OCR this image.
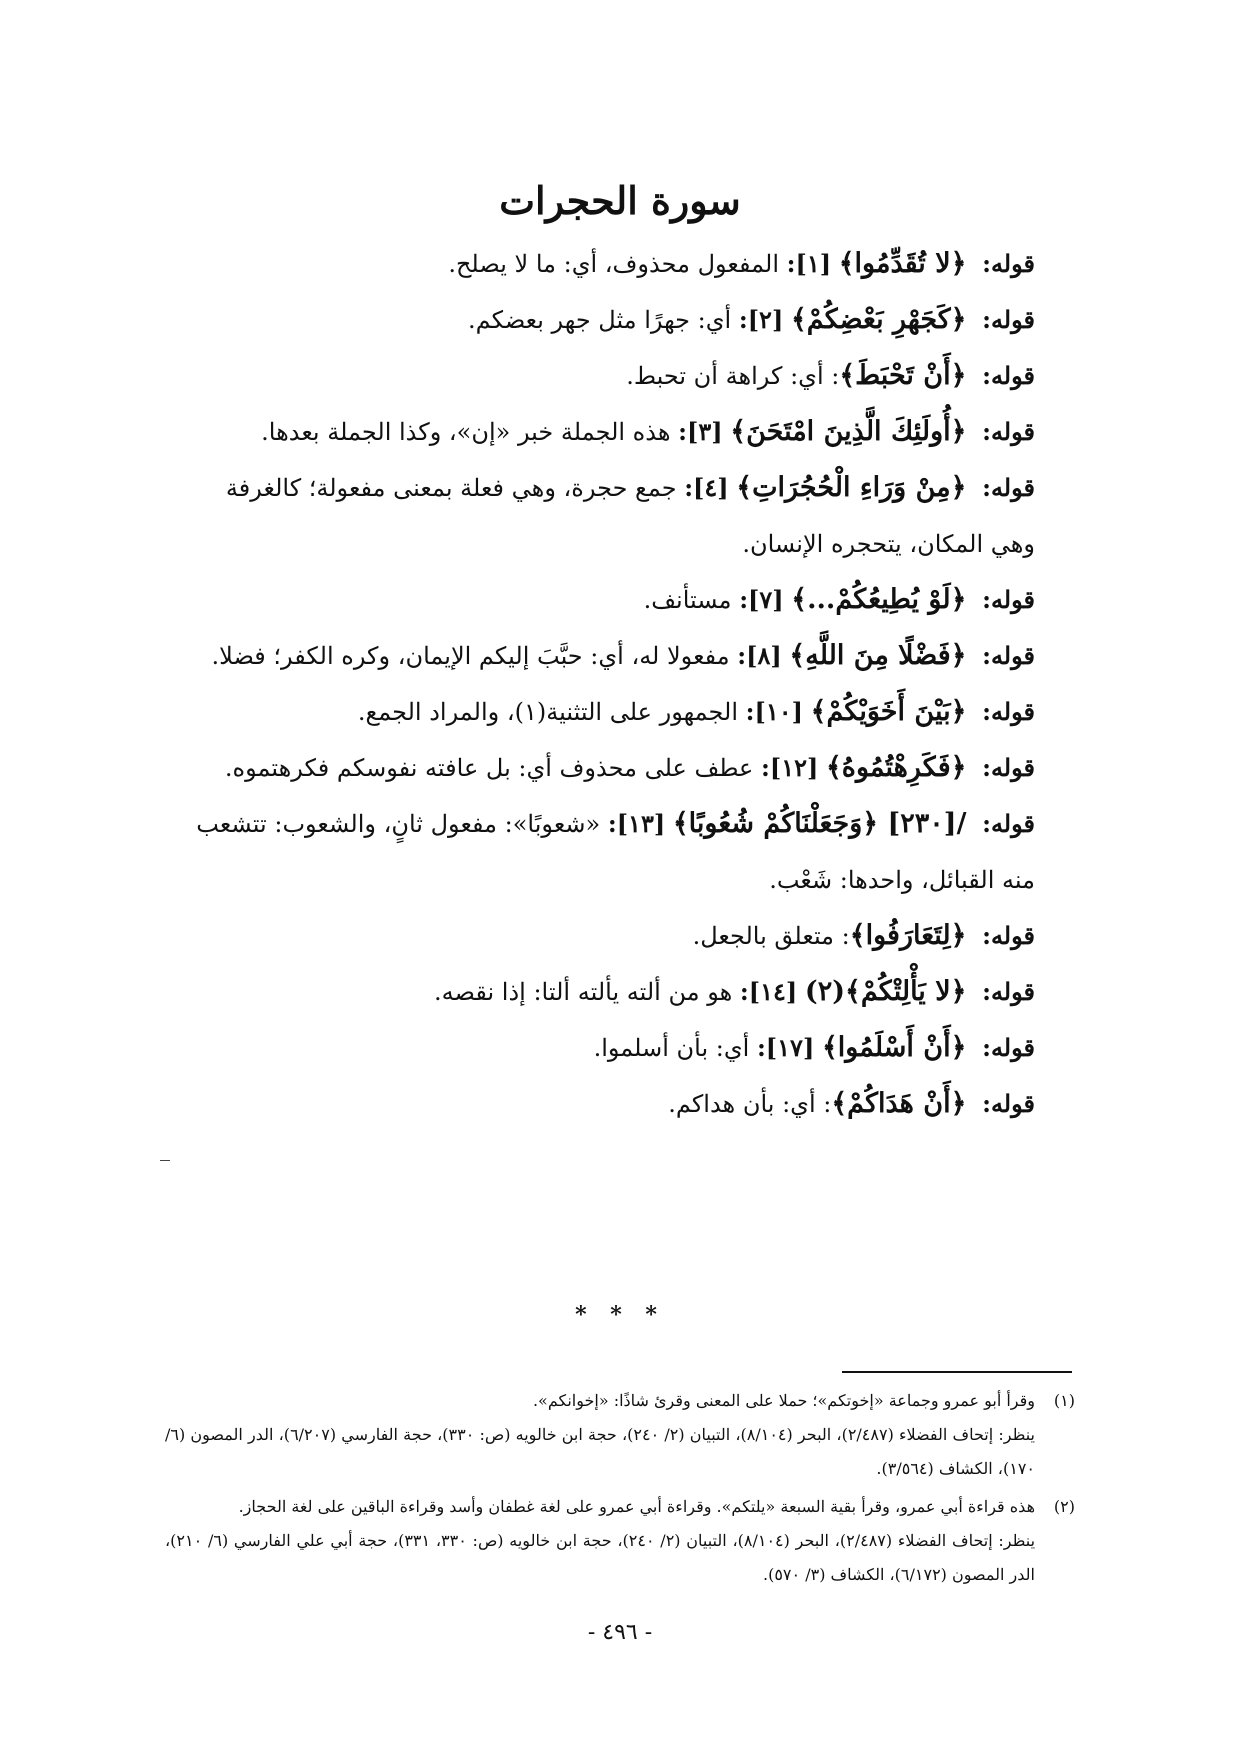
سورة الحجرات

قوله: ﴿لا تُقَدِّمُوا﴾ [١]: المفعول محذوف، أي: ما لا يصلح.

قوله: ﴿كَجَهْرِ بَعْضِكُمْ﴾ [٢]: أي: جهرًا مثل جهر بعضكم.

قوله: ﴿أَنْ تَحْبَطَ﴾: أي: كراهة أن تحبط.

قوله: ﴿أُولَئِكَ الَّذِينَ امْتَحَنَ﴾ [٣]: هذه الجملة خبر «إن»، وكذا الجملة بعدها.

قوله: ﴿مِنْ وَرَاءِ الْحُجُرَاتِ﴾ [٤]: جمع حجرة، وهي فعلة بمعنى مفعولة؛ كالغرفة وهي المكان، يتحجره الإنسان.

قوله: ﴿لَوْ يُطِيعُكُمْ...﴾ [٧]: مستأنف.

قوله: ﴿فَضْلًا مِنَ اللَّهِ﴾ [٨]: مفعولا له، أي: حبَّبَ إليكم الإيمان، وكره الكفر؛ فضلا.

قوله: ﴿بَيْنَ أَخَوَيْكُمْ﴾ [١٠]: الجمهور على التثنية(١)، والمراد الجمع.

قوله: ﴿فَكَرِهْتُمُوهُ﴾ [١٢]: عطف على محذوف أي: بل عافته نفوسكم فكرهتموه.

قوله: /[٢٣٠] ﴿وَجَعَلْنَاكُمْ شُعُوبًا﴾ [١٣]: «شعوبًا»: مفعول ثانٍ، والشعوب: تتشعب منه القبائل، واحدها: شَعْب.

قوله: ﴿لِتَعَارَفُوا﴾: متعلق بالجعل.

قوله: ﴿لا يَأْلِتْكُمْ﴾(٢) [١٤]: هو من ألته يألته ألتا: إذا نقصه.

قوله: ﴿أَنْ أَسْلَمُوا﴾ [١٧]: أي: بأن أسلموا.

قوله: ﴿أَنْ هَدَاكُمْ﴾: أي: بأن هداكم.

* * *
(١)

وقرأ أبو عمرو وجماعة «إخوتكم»؛ حملا على المعنى وقرئ شاذًا: «إخوانكم».

ينظر: إتحاف الفضلاء (٢/٤٨٧)، البحر (٨/١٠٤)، التبيان (٢/ ٢٤٠)، حجة ابن خالويه (ص: ٣٣٠)، حجة الفارسي (٦/٢٠٧)، الدر المصون (٦/ ١٧٠)، الكشاف (٣/٥٦٤).

(٢)

هذه قراءة أبي عمرو، وقرأ بقية السبعة «يلتكم». وقراءة أبي عمرو على لغة غطفان وأسد وقراءة الباقين على لغة الحجاز.

ينظر: إتحاف الفضلاء (٢/٤٨٧)، البحر (٨/١٠٤)، التبيان (٢/ ٢٤٠)، حجة ابن خالويه (ص: ٣٣٠، ٣٣١)، حجة أبي علي الفارسي (٦/ ٢١٠)، الدر المصون (٦/١٧٢)، الكشاف (٣/ ٥٧٠).

- ٤٩٦ -
